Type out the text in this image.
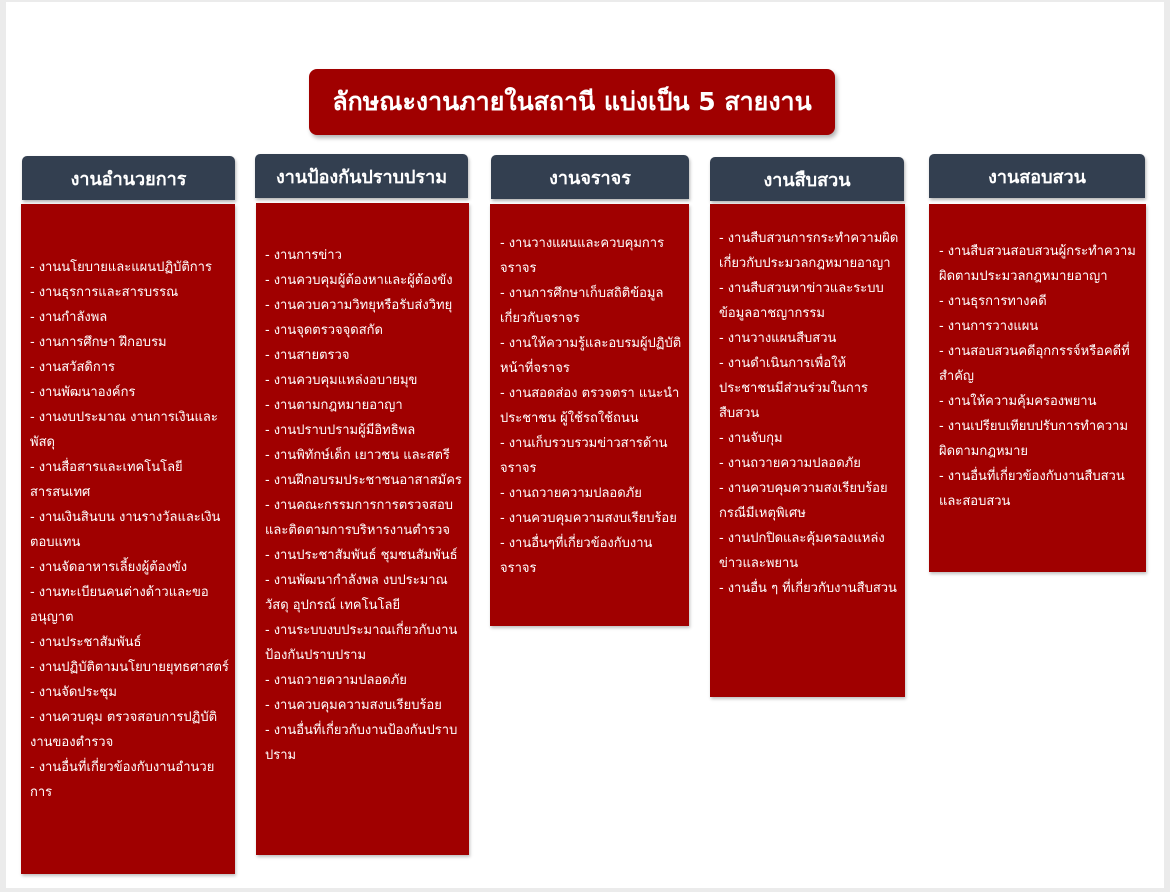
ลักษณะงานภายในสถานี แบ่งเป็น 5 สายงาน
งานอำนวยการ	งานป้องกันปราบปราม	งานจราจร	งานสืบสวน	งานสอบสวน
- งานนโยบายและแผนปฏิบัติการ
- งานธุรการและสารบรรณ
- งานกำลังพล
- งานการศึกษา ฝึกอบรม
- งานสวัสดิการ
- งานพัฒนาองค์กร
- งานงบประมาณ งานการเงินและพัสดุ
- งานสื่อสารและเทคโนโลยีสารสนเทศ
- งานเงินสินบน งานรางวัลและเงินตอบแทน
- งานจัดอาหารเลี้ยงผู้ต้องขัง
- งานทะเบียนคนต่างด้าวและขออนุญาต
- งานประชาสัมพันธ์
- งานปฏิบัติตามนโยบายยุทธศาสตร์
- งานจัดประชุม
- งานควบคุม ตรวจสอบการปฏิบัติงานของตำรวจ
- งานอื่นที่เกี่ยวข้องกับงานอำนวยการ
- งานการข่าว
- งานควบคุมผู้ต้องหาและผู้ต้องขัง
- งานควบความวิทยุหรือรับส่งวิทยุ
- งานจุดตรวจจุดสกัด
- งานสายตรวจ
- งานควบคุมแหล่งอบายมุข
- งานตามกฎหมายอาญา
- งานปราบปรามผู้มีอิทธิพล
- งานพิทักษ์เด็ก เยาวชน และสตรี
- งานฝึกอบรมประชาชนอาสาสมัคร
- งานคณะกรรมการการตรวจสอบและติดตามการบริหารงานตำรวจ
- งานประชาสัมพันธ์ ชุมชนสัมพันธ์
- งานพัฒนากำลังพล งบประมาณ วัสดุ อุปกรณ์ เทคโนโลยี
- งานระบบงบประมาณเกี่ยวกับงานป้องกันปราบปราม
- งานถวายความปลอดภัย
- งานควบคุมความสงบเรียบร้อย
- งานอื่นที่เกี่ยวกับงานป้องกันปราบปราม
- งานวางแผนและควบคุมการจราจร
- งานการศึกษาเก็บสถิติข้อมูลเกี่ยวกับจราจร
- งานให้ความรู้และอบรมผู้ปฏิบัติหน้าที่จราจร
- งานสอดส่อง ตรวจตรา แนะนำประชาชน ผู้ใช้รถใช้ถนน
- งานเก็บรวบรวมข่าวสารด้านจราจร
- งานถวายความปลอดภัย
- งานควบคุมความสงบเรียบร้อย
- งานอื่นๆที่เกี่ยวข้องกับงานจราจร
- งานสืบสวนการกระทำความผิดเกี่ยวกับประมวลกฎหมายอาญา
- งานสืบสวนหาข่าวและระบบข้อมูลอาชญากรรม
- งานวางแผนสืบสวน
- งานดำเนินการเพื่อให้ประชาชนมีส่วนร่วมในการสืบสวน
- งานจับกุม
- งานถวายความปลอดภัย
- งานควบคุมความสงเรียบร้อยกรณีมีเหตุพิเศษ
- งานปกปิดและคุ้มครองแหล่งข่าวและพยาน
- งานอื่น ๆ ที่เกี่ยวกับงานสืบสวน
- งานสืบสวนสอบสวนผู้กระทำความผิดตามประมวลกฎหมายอาญา
- งานธุรการทางคดี
- งานการวางแผน
- งานสอบสวนคดีอุกกรรจ์หรือคดีที่สำคัญ
- งานให้ความคุ้มครองพยาน
- งานเปรียบเทียบปรับการทำความผิดตามกฎหมาย
- งานอื่นที่เกี่ยวข้องกับงานสืบสวนและสอบสวน
